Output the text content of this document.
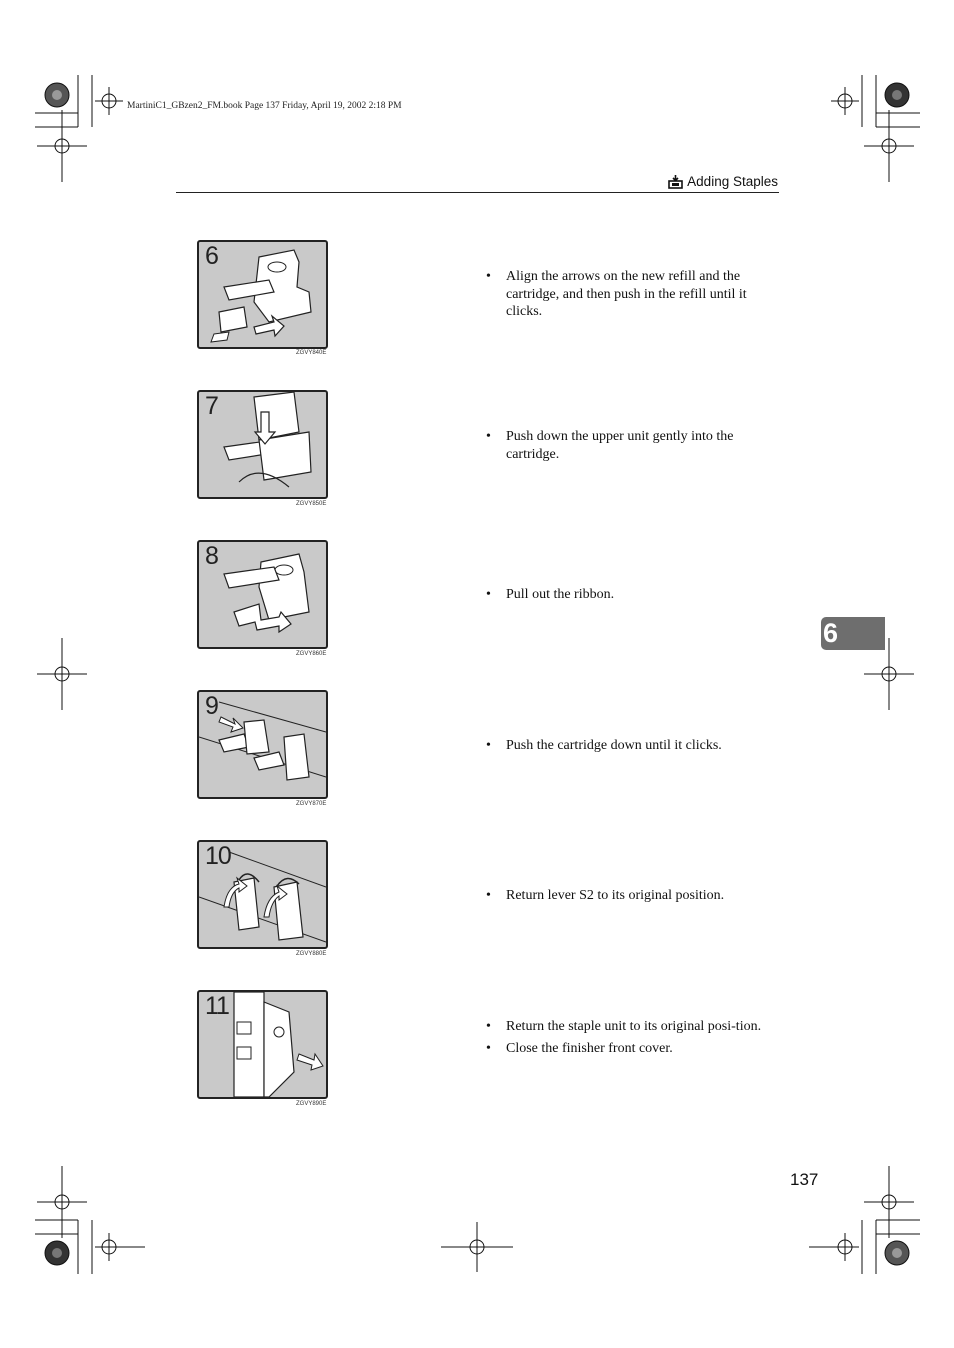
MartiniC1_GBzen2_FM.book Page 137 Friday, April 19, 2002 2:18 PM
Adding Staples
6
6
ZGVY840E
• Align the arrows on the new refill and the cartridge, and then push in the refill until it clicks.
7
ZGVY850E
• Push down the upper unit gently into the cartridge.
8
ZGVY860E
• Pull out the ribbon.
9
ZGVY870E
• Push the cartridge down until it clicks.
10
ZGVY880E
• Return lever S2 to its original position.
11
ZGVY890E
• Return the staple unit to its original posi-tion.
• Close the finisher front cover.
137
